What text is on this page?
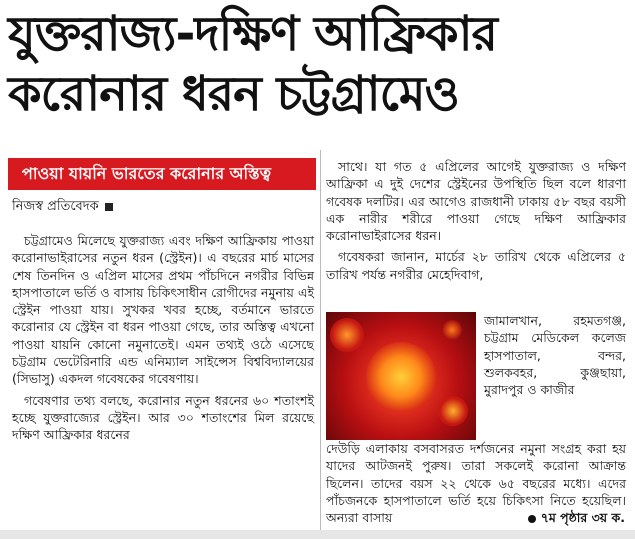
যুক্তরাজ্য-দক্ষিণ আফ্রিকার
করোনার ধরন চট্টগ্রামেও
পাওয়া যায়নি ভারতের করোনার অস্তিত্ব
নিজস্ব প্রতিবেদক

চট্টগ্রামেও মিলেছে যুক্তরাজ্য এবং দক্ষিণ আফ্রিকায় পাওয়া করোনাভাইরাসের নতুন ধরন (স্ট্রেইন)। এ বছরের মার্চ মাসের শেষ তিনদিন ও এপ্রিল মাসের প্রথম পাঁচদিনে নগরীর বিভিন্ন হাসপাতালে ভর্তি ও বাসায় চিকিৎসাধীন রোগীদের নমুনায় এই স্ট্রেইন পাওয়া যায়। সুখকর খবর হচ্ছে, বর্তমানে ভারতে করোনার যে স্ট্রেইন বা ধরন পাওয়া গেছে, তার অস্তিত্ব এখনো পাওয়া যায়নি কোনো নমুনাতেই। এমন তথ্যই ওঠে এসেছে চট্টগ্রাম ভেটেরিনারি এন্ড এনিম্যাল সাইন্সেস বিশ্ববিদ্যালয়ের (সিভাসু) একদল গবেষকের গবেষণায়।

গবেষণার তথ্য বলছে, করোনার নতুন ধরনের ৬০ শতাংশই হচ্ছে যুক্তরাজ্যের স্ট্রেইন। আর ৩০ শতাংশের মিল রয়েছে দক্ষিণ আফ্রিকার ধরনের

সাথে। যা গত ৫ এপ্রিলের আগেই যুক্তরাজ্য ও দক্ষিণ আফ্রিকা এ দুই দেশের স্ট্রেইনের উপস্থিতি ছিল বলে ধারণা গবেষক দলটির। এর আগেও রাজধানী ঢাকায় ৫৮ বছর বয়সী এক নারীর শরীরে পাওয়া গেছে দক্ষিণ আফ্রিকার করোনাভাইরাসের ধরন।

গবেষকরা জানান, মার্চের ২৮ তারিখ থেকে এপ্রিলের ৫ তারিখ পর্যন্ত নগরীর মেহেদিবাগ,

জামালখান, রহমতগঞ্জ, চট্টগ্রাম মেডিকেল কলেজ হাসপাতাল, বন্দর, শুলকবহর, কুঞ্জছায়া, মুরাদপুর ও কাজীর
দেউড়ি এলাকায় বসবাসরত দর্শজনের নমুনা সংগ্রহ করা হয় যাদের আটজনই পুরুষ। তারা সকলেই করোনা আক্রান্ত ছিলেন। তাদের বয়স ২২ থেকে ৬৫ বছরের মধ্যে। এদের পাঁচজনকে হাসপাতালে ভর্তি হয়ে চিকিৎসা নিতে হয়েছিল। অন্যরা বাসায়	৭ম পৃষ্ঠার ৩য় ক.
